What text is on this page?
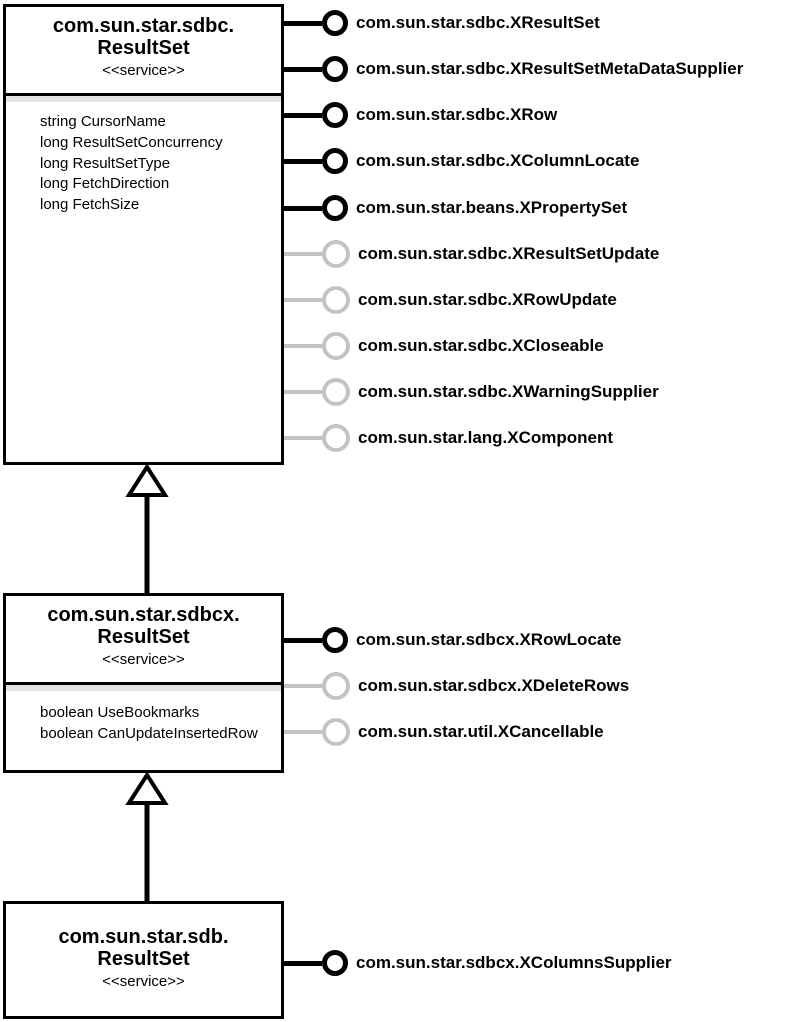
com.sun.star.sdbc.
ResultSet
<<service>>
string CursorName
long ResultSetConcurrency
long ResultSetType
long FetchDirection
long FetchSize
com.sun.star.sdbc.XResultSet
com.sun.star.sdbc.XResultSetMetaDataSupplier
com.sun.star.sdbc.XRow
com.sun.star.sdbc.XColumnLocate
com.sun.star.beans.XPropertySet
com.sun.star.sdbc.XResultSetUpdate
com.sun.star.sdbc.XRowUpdate
com.sun.star.sdbc.XCloseable
com.sun.star.sdbc.XWarningSupplier
com.sun.star.lang.XComponent
com.sun.star.sdbcx.
ResultSet
<<service>>
boolean UseBookmarks
boolean CanUpdateInsertedRow
com.sun.star.sdbcx.XRowLocate
com.sun.star.sdbcx.XDeleteRows
com.sun.star.util.XCancellable
com.sun.star.sdb.
ResultSet
<<service>>
com.sun.star.sdbcx.XColumnsSupplier
